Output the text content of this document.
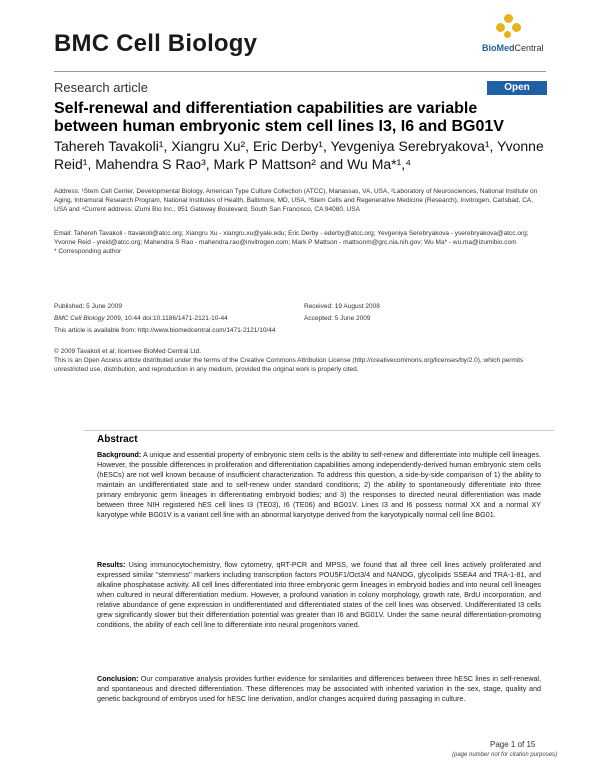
BMC Cell Biology	BioMedCentral
Research article	Open Access
Self-renewal and differentiation capabilities are variable between human embryonic stem cell lines I3, I6 and BG01V
Tahereh Tavakoli¹, Xiangru Xu², Eric Derby¹, Yevgeniya Serebryakova¹, Yvonne Reid¹, Mahendra S Rao³, Mark P Mattson² and Wu Ma*¹,⁴
Address: ¹Stem Cell Center, Developmental Biology, American Type Culture Collection (ATCC), Manassas, VA, USA, ²Laboratory of Neurosciences, National Institute on Aging, Intramural Research Program, National Institutes of Health, Baltimore, MD, USA, ³Stem Cells and Regenerative Medicine (Research), Invitrogen, Carlsbad, CA, USA and ⁴Current address: iZumi Bio Inc., 951 Gateway Boulevard, South San Francisco, CA 94080, USA
Email: Tahereh Tavakoli - ttavakoli@atcc.org; Xiangru Xu - xiangru.xu@yale.edu; Eric Derby - ederby@atcc.org; Yevgeniya Serebryakova - yserebryakova@atcc.org; Yvonne Reid - yreid@atcc.org; Mahendra S Rao - mahendra.rao@invitrogen.com; Mark P Mattson - mattsonm@grc.nia.nih.gov; Wu Ma* - wu.ma@izumibio.com
* Corresponding author
Published: 5 June 2009
BMC Cell Biology 2009, 10:44 doi:10.1186/1471-2121-10-44
This article is available from: http://www.biomedcentral.com/1471-2121/10/44
Received: 19 August 2008
Accepted: 5 June 2009
© 2009 Tavakoli et al; licensee BioMed Central Ltd.
This is an Open Access article distributed under the terms of the Creative Commons Attribution License (http://creativecommons.org/licenses/by/2.0), which permits unrestricted use, distribution, and reproduction in any medium, provided the original work is properly cited.
Abstract
Background: A unique and essential property of embryonic stem cells is the ability to self-renew and differentiate into multiple cell lineages. However, the possible differences in proliferation and differentiation capabilities among independently-derived human embryonic stem cells (hESCs) are not well known because of insufficient characterization. To address this question, a side-by-side comparison of 1) the ability to maintain an undifferentiated state and to self-renew under standard conditions; 2) the ability to spontaneously differentiate into three primary embryonic germ lineages in differentiating embryoid bodies; and 3) the responses to directed neural differentiation was made between three NIH registered hES cell lines I3 (TE03), I6 (TE06) and BG01V. Lines I3 and I6 possess normal XX and a normal XY karyotype while BG01V is a variant cell line with an abnormal karyotype derived from the karyotypically normal cell line BG01.
Results: Using immunocytochemistry, flow cytometry, qRT-PCR and MPSS, we found that all three cell lines actively proliferated and expressed similar "stemness" markers including transcription factors POU5F1/Oct3/4 and NANOG, glycolipids SSEA4 and TRA-1-81, and alkaline phosphatase activity. All cell lines differentiated into three embryonic germ lineages in embryoid bodies and into neural cell lineages when cultured in neural differentiation medium. However, a profound variation in colony morphology, growth rate, BrdU incorporation, and relative abundance of gene expression in undifferentiated and differentiated states of the cell lines was observed. Undifferentiated I3 cells grew significantly slower but their differentiation potential was greater than I6 and BG01V. Under the same neural differentiation-promoting conditions, the ability of each cell line to differentiate into neural progenitors varied.
Conclusion: Our comparative analysis provides further evidence for similarities and differences between three hESC lines in self-renewal, and spontaneous and directed differentiation. These differences may be associated with inherited variation in the sex, stage, quality and genetic background of embryos used for hESC line derivation, and/or changes acquired during passaging in culture.
Page 1 of 15
(page number not for citation purposes)
